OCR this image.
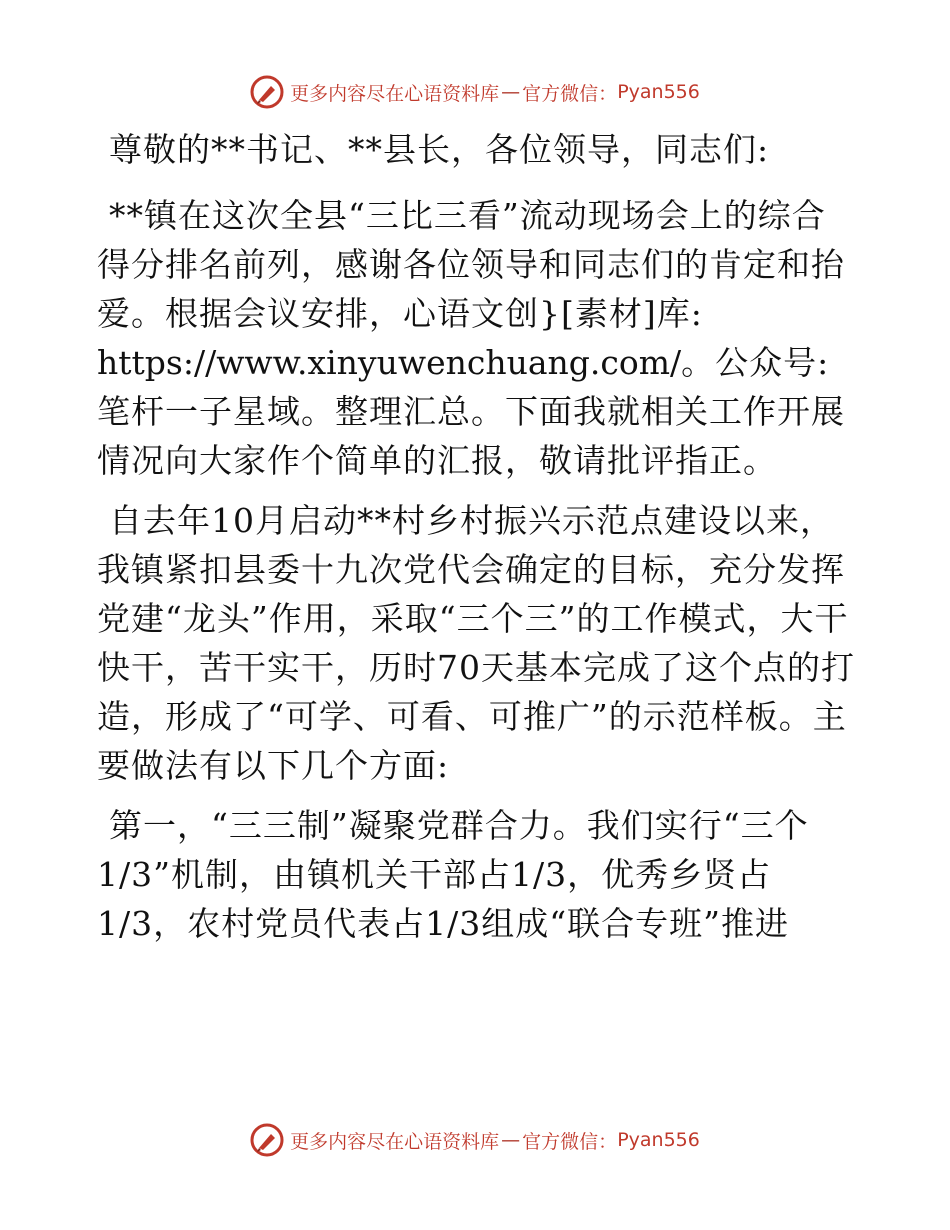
更多内容尽在心语资料库 — 官方微信： Pyan556

尊敬的**书记、**县长，各位领导，同志们:

**镇在这次全县“三比三看”流动现场会上的综合得分排名前列，感谢各位领导和同志们的肯定和抬爱。根据会议安排，心语文创}[素材]库:
https://www.xinyuwenchuang.com/。公众号: 笔杆一子星域。整理汇总。下面我就相关工作开展情况向大家作个简单的汇报，敬请批评指正。

自去年10月启动**村乡村振兴示范点建设以来，我镇紧扣县委十九次党代会确定的目标，充分发挥党建“龙头”作用，采取“三个三”的工作模式，大干快干，苦干实干，历时70天基本完成了这个点的打造，形成了“可学、可看、可推广”的示范样板。主要做法有以下几个方面:

第一，“三三制”凝聚党群合力。我们实行“三个1/3”机制，由镇机关干部占1/3，优秀乡贤占1/3，农村党员代表占1/3组成“联合专班”推进

更多内容尽在心语资料库 — 官方微信： Pyan556
